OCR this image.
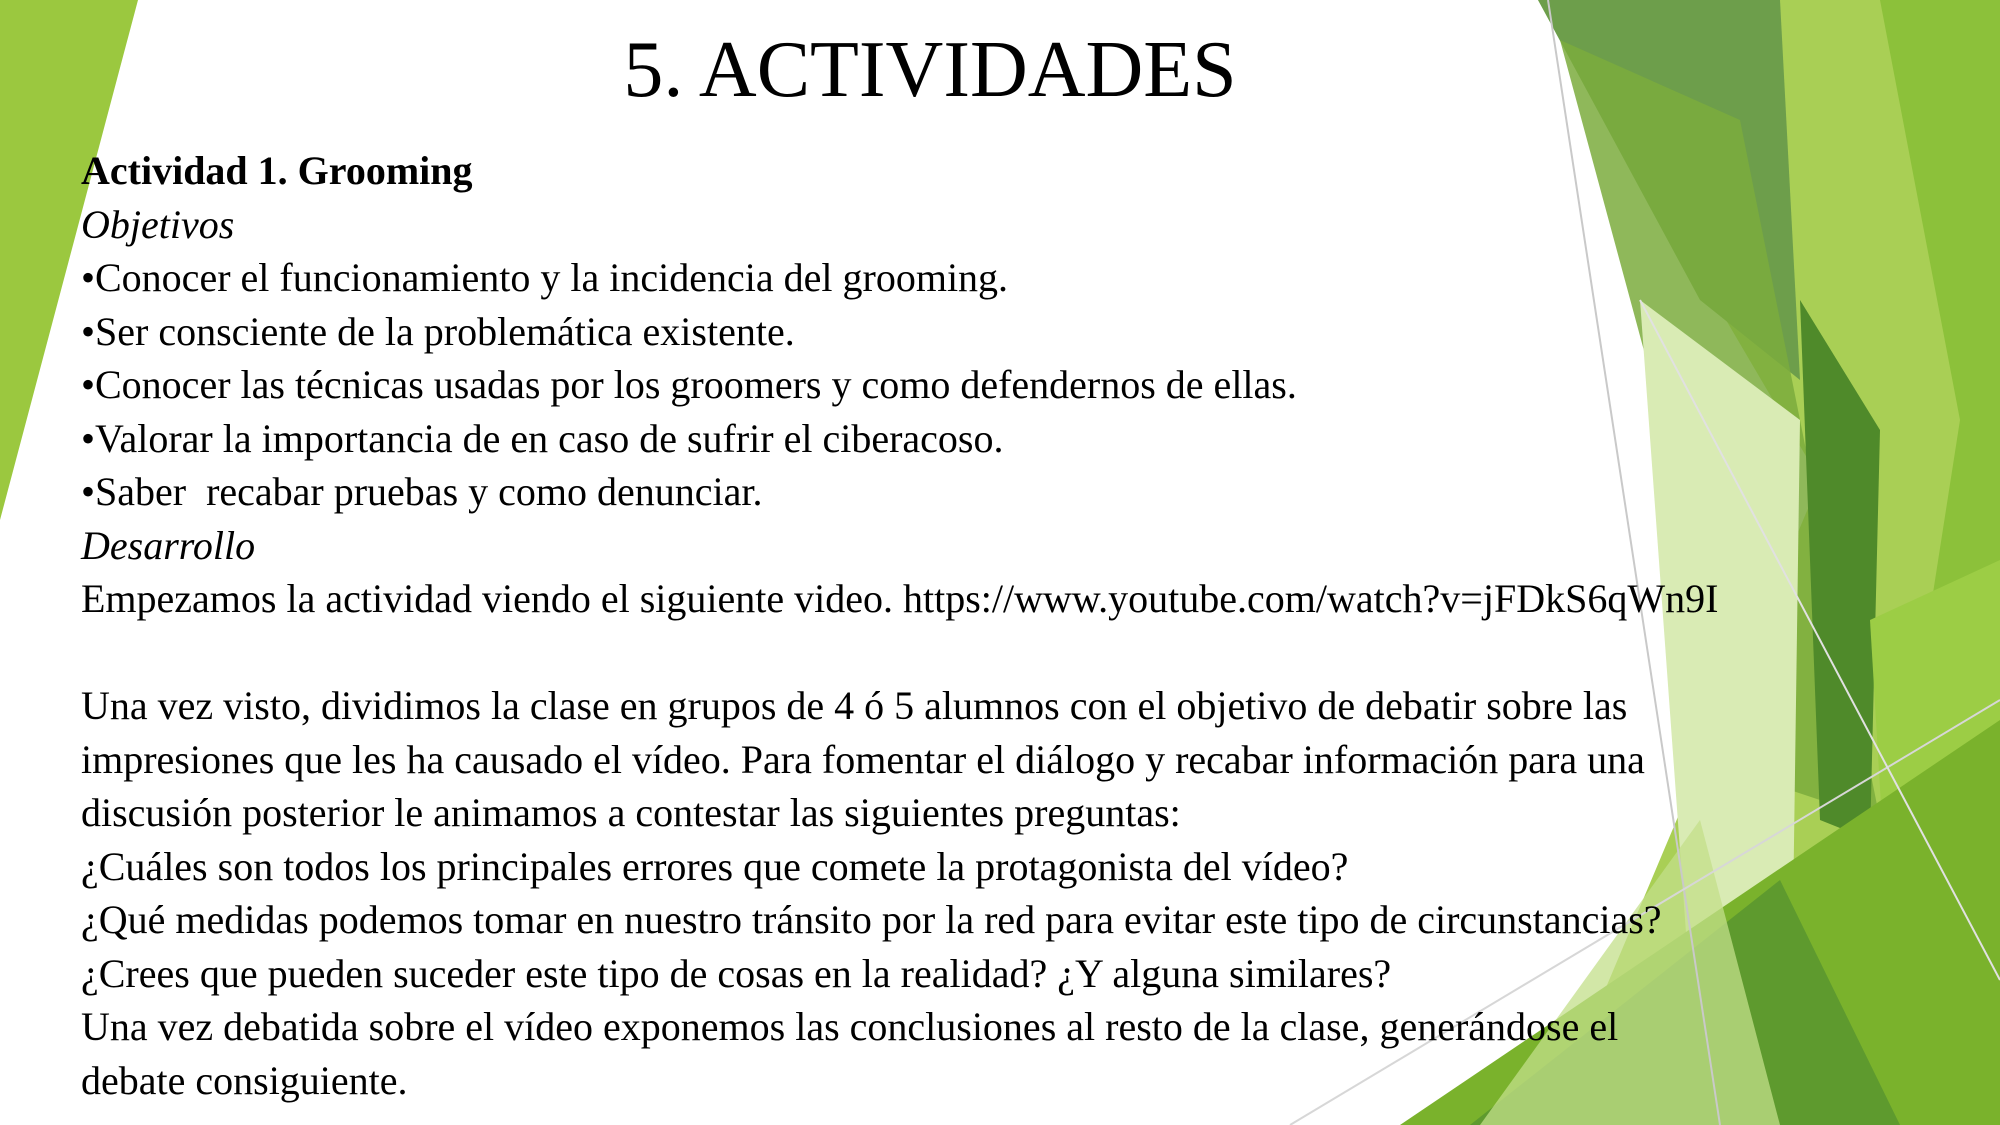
5. ACTIVIDADES
Actividad 1. Grooming
Objetivos
•Conocer el funcionamiento y la incidencia del grooming.
•Ser consciente de la problemática existente.
•Conocer las técnicas usadas por los groomers y como defendernos de ellas.
•Valorar la importancia de en caso de sufrir el ciberacoso.
•Saber  recabar pruebas y como denunciar.
Desarrollo
Empezamos la actividad viendo el siguiente video. https://www.youtube.com/watch?v=jFDkS6qWn9I
Una vez visto, dividimos la clase en grupos de 4 ó 5 alumnos con el objetivo de debatir sobre las
impresiones que les ha causado el vídeo. Para fomentar el diálogo y recabar información para una
discusión posterior le animamos a contestar las siguientes preguntas:
¿Cuáles son todos los principales errores que comete la protagonista del vídeo?
¿Qué medidas podemos tomar en nuestro tránsito por la red para evitar este tipo de circunstancias?
¿Crees que pueden suceder este tipo de cosas en la realidad? ¿Y alguna similares?
Una vez debatida sobre el vídeo exponemos las conclusiones al resto de la clase, generándose el
debate consiguiente.
